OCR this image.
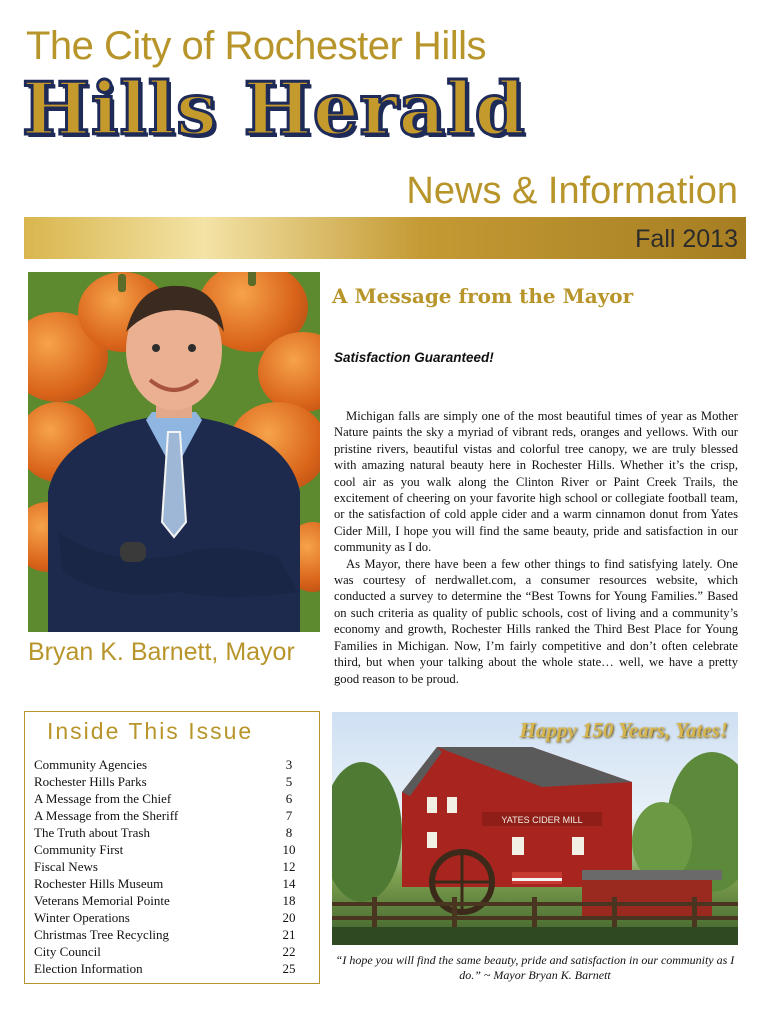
The City of Rochester Hills
Hills Herald
News & Information
Fall 2013
Bryan K. Barnett, Mayor
A Message from the Mayor
Satisfaction Guaranteed!

Michigan falls are simply one of the most beautiful times of year as Mother Nature paints the sky a myriad of vibrant reds, oranges and yellows. With our pristine rivers, beautiful vistas and colorful tree canopy, we are truly blessed with amazing natural beauty here in Rochester Hills. Whether it’s the crisp, cool air as you walk along the Clinton River or Paint Creek Trails, the excitement of cheering on your favorite high school or collegiate football team, or the satisfaction of cold apple cider and a warm cinnamon donut from Yates Cider Mill, I hope you will find the same beauty, pride and satisfaction in our community as I do.

As Mayor, there have been a few other things to find satisfying lately. One was courtesy of nerdwallet.com, a consumer resources website, which conducted a survey to determine the “Best Towns for Young Families.” Based on such criteria as quality of public schools, cost of living and a community’s economy and growth, Rochester Hills ranked the Third Best Place for Young Families in Michigan. Now, I’m fairly competitive and don’t often celebrate third, but when your talking about the whole state… well, we have a pretty good reason to be proud.

Inside This Issue
Community Agencies	3
Rochester Hills Parks	5
A Message from the Chief	6
A Message from the Sheriff	7
The Truth about Trash	8
Community First	10
Fiscal News	12
Rochester Hills Museum	14
Veterans Memorial Pointe	18
Winter Operations	20
Christmas Tree Recycling	21
City Council	22
Election Information	25
YATES CIDER MILL
Happy 150 Years, Yates!
“I hope you will find the same beauty, pride and satisfaction in our community as I do.” ~ Mayor Bryan K. Barnett
